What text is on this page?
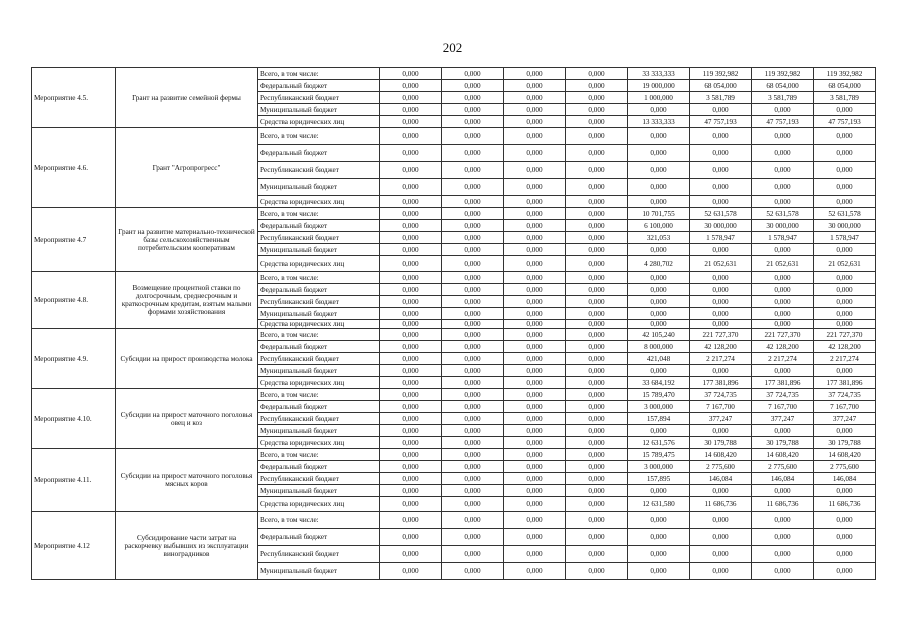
202
Мероприятие 4.5.	Грант на развитие семейной фермы	Всего, в том числе:	0,000	0,000	0,000	0,000	33 333,333	119 392,982	119 392,982	119 392,982
		Федеральный бюджет	0,000	0,000	0,000	0,000	19 000,000	68 054,000	68 054,000	68 054,000
		Республиканский бюджет	0,000	0,000	0,000	0,000	1 000,000	3 581,789	3 581,789	3 581,789
		Муниципальный бюджет	0,000	0,000	0,000	0,000	0,000	0,000	0,000	0,000
		Средства юридических лиц	0,000	0,000	0,000	0,000	13 333,333	47 757,193	47 757,193	47 757,193
Мероприятие 4.6.	Грант "Агропрогресс"	Всего, в том числе:	0,000	0,000	0,000	0,000	0,000	0,000	0,000	0,000
		Федеральный бюджет	0,000	0,000	0,000	0,000	0,000	0,000	0,000	0,000
		Республиканский бюджет	0,000	0,000	0,000	0,000	0,000	0,000	0,000	0,000
		Муниципальный бюджет	0,000	0,000	0,000	0,000	0,000	0,000	0,000	0,000
		Средства юридических лиц	0,000	0,000	0,000	0,000	0,000	0,000	0,000	0,000
Мероприятие 4.7	Грант на развитие материально-технической базы сельскохозяйственным потребительским кооперативам	Всего, в том числе:	0,000	0,000	0,000	0,000	10 701,755	52 631,578	52 631,578	52 631,578
		Федеральный бюджет	0,000	0,000	0,000	0,000	6 100,000	30 000,000	30 000,000	30 000,000
		Республиканский бюджет	0,000	0,000	0,000	0,000	321,053	1 578,947	1 578,947	1 578,947
		Муниципальный бюджет	0,000	0,000	0,000	0,000	0,000	0,000	0,000	0,000
		Средства юридических лиц	0,000	0,000	0,000	0,000	4 280,702	21 052,631	21 052,631	21 052,631
Мероприятие 4.8.	Возмещение процентной ставки по долгосрочным, среднесрочным и краткосрочным кредитам, взятым малыми формами хозяйствования	Всего, в том числе:	0,000	0,000	0,000	0,000	0,000	0,000	0,000	0,000
		Федеральный бюджет	0,000	0,000	0,000	0,000	0,000	0,000	0,000	0,000
		Республиканский бюджет	0,000	0,000	0,000	0,000	0,000	0,000	0,000	0,000
		Муниципальный бюджет	0,000	0,000	0,000	0,000	0,000	0,000	0,000	0,000
		Средства юридических лиц	0,000	0,000	0,000	0,000	0,000	0,000	0,000	0,000
Мероприятие 4.9.	Субсидии на прирост производства молока	Всего, в том числе:	0,000	0,000	0,000	0,000	42 105,240	221 727,370	221 727,370	221 727,370
		Федеральный бюджет	0,000	0,000	0,000	0,000	8 000,000	42 128,200	42 128,200	42 128,200
		Республиканский бюджет	0,000	0,000	0,000	0,000	421,048	2 217,274	2 217,274	2 217,274
		Муниципальный бюджет	0,000	0,000	0,000	0,000	0,000	0,000	0,000	0,000
		Средства юридических лиц	0,000	0,000	0,000	0,000	33 684,192	177 381,896	177 381,896	177 381,896
Мероприятие 4.10.	Субсидии на прирост маточного поголовья овец и коз	Всего, в том числе:	0,000	0,000	0,000	0,000	15 789,470	37 724,735	37 724,735	37 724,735
		Федеральный бюджет	0,000	0,000	0,000	0,000	3 000,000	7 167,700	7 167,700	7 167,700
		Республиканский бюджет	0,000	0,000	0,000	0,000	157,894	377,247	377,247	377,247
		Муниципальный бюджет	0,000	0,000	0,000	0,000	0,000	0,000	0,000	0,000
		Средства юридических лиц	0,000	0,000	0,000	0,000	12 631,576	30 179,788	30 179,788	30 179,788
Мероприятие 4.11.	Субсидии на прирост маточного поголовья мясных коров	Всего, в том числе:	0,000	0,000	0,000	0,000	15 789,475	14 608,420	14 608,420	14 608,420
		Федеральный бюджет	0,000	0,000	0,000	0,000	3 000,000	2 775,600	2 775,600	2 775,600
		Республиканский бюджет	0,000	0,000	0,000	0,000	157,895	146,084	146,084	146,084
		Муниципальный бюджет	0,000	0,000	0,000	0,000	0,000	0,000	0,000	0,000
		Средства юридических лиц	0,000	0,000	0,000	0,000	12 631,580	11 686,736	11 686,736	11 686,736
Мероприятие 4.12	Субсидирование части затрат на раскорчевку выбывших из эксплуатации виноградников	Всего, в том числе:	0,000	0,000	0,000	0,000	0,000	0,000	0,000	0,000
		Федеральный бюджет	0,000	0,000	0,000	0,000	0,000	0,000	0,000	0,000
		Республиканский бюджет	0,000	0,000	0,000	0,000	0,000	0,000	0,000	0,000
		Муниципальный бюджет	0,000	0,000	0,000	0,000	0,000	0,000	0,000	0,000
